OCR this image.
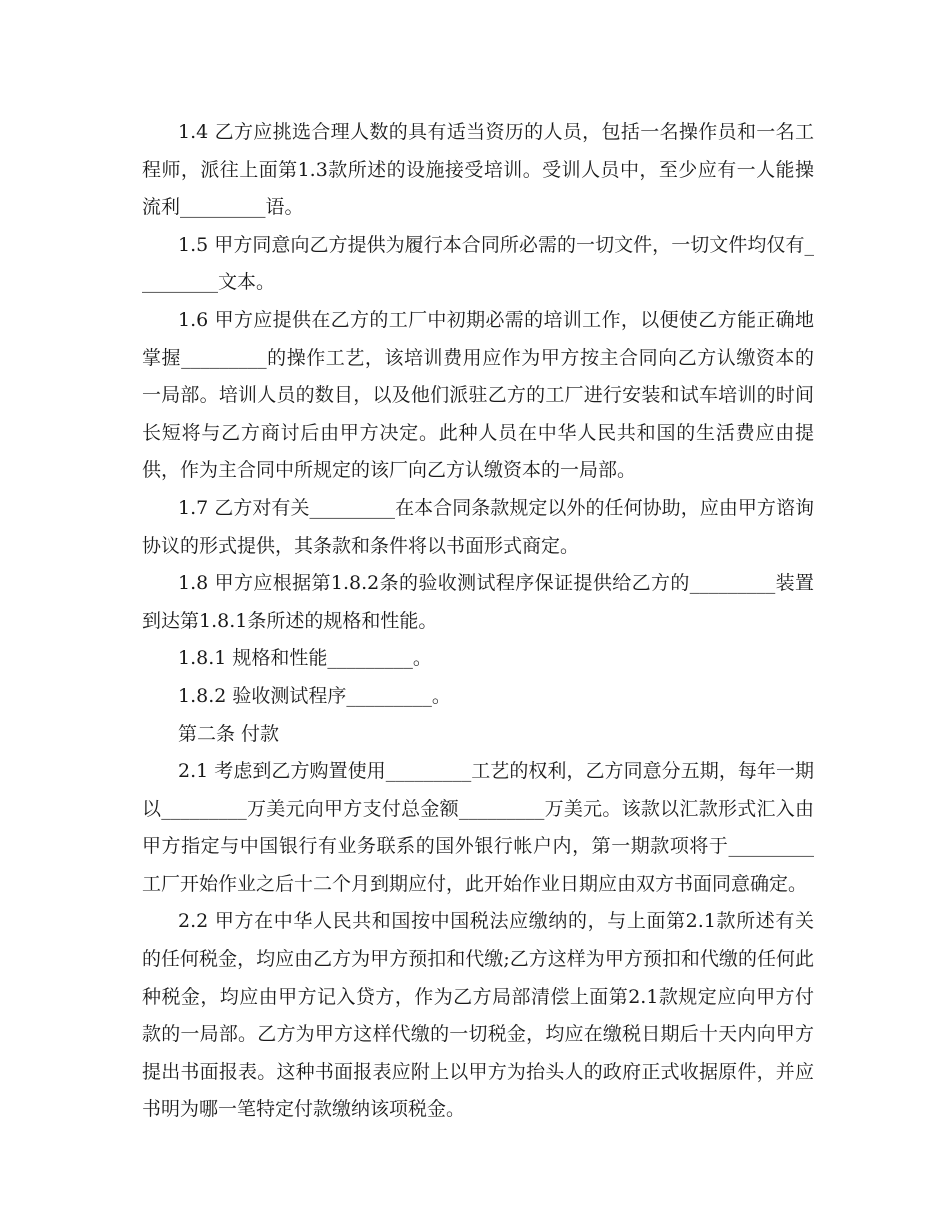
1.4 乙方应挑选合理人数的具有适当资历的人员，包括一名操作员和一名工程师，派往上面第1.3款所述的设施接受培训。受训人员中，至少应有一人能操流利_________语。

1.5 甲方同意向乙方提供为履行本合同所必需的一切文件，一切文件均仅有_________文本。

1.6 甲方应提供在乙方的工厂中初期必需的培训工作，以便使乙方能正确地掌握_________的操作工艺，该培训费用应作为甲方按主合同向乙方认缴资本的一局部。培训人员的数目，以及他们派驻乙方的工厂进行安装和试车培训的时间长短将与乙方商讨后由甲方决定。此种人员在中华人民共和国的生活费应由提供，作为主合同中所规定的该厂向乙方认缴资本的一局部。

1.7 乙方对有关_________在本合同条款规定以外的任何协助，应由甲方谘询协议的形式提供，其条款和条件将以书面形式商定。

1.8 甲方应根据第1.8.2条的验收测试程序保证提供给乙方的_________装置到达第1.8.1条所述的规格和性能。

1.8.1 规格和性能_________。

1.8.2 验收测试程序_________。

第二条 付款

2.1 考虑到乙方购置使用_________工艺的权利，乙方同意分五期，每年一期以_________万美元向甲方支付总金额_________万美元。该款以汇款形式汇入由甲方指定与中国银行有业务联系的国外银行帐户内，第一期款项将于_________工厂开始作业之后十二个月到期应付，此开始作业日期应由双方书面同意确定。

2.2 甲方在中华人民共和国按中国税法应缴纳的，与上面第2.1款所述有关的任何税金，均应由乙方为甲方预扣和代缴;乙方这样为甲方预扣和代缴的任何此种税金，均应由甲方记入贷方，作为乙方局部清偿上面第2.1款规定应向甲方付款的一局部。乙方为甲方这样代缴的一切税金，均应在缴税日期后十天内向甲方提出书面报表。这种书面报表应附上以甲方为抬头人的政府正式收据原件，并应书明为哪一笔特定付款缴纳该项税金。
